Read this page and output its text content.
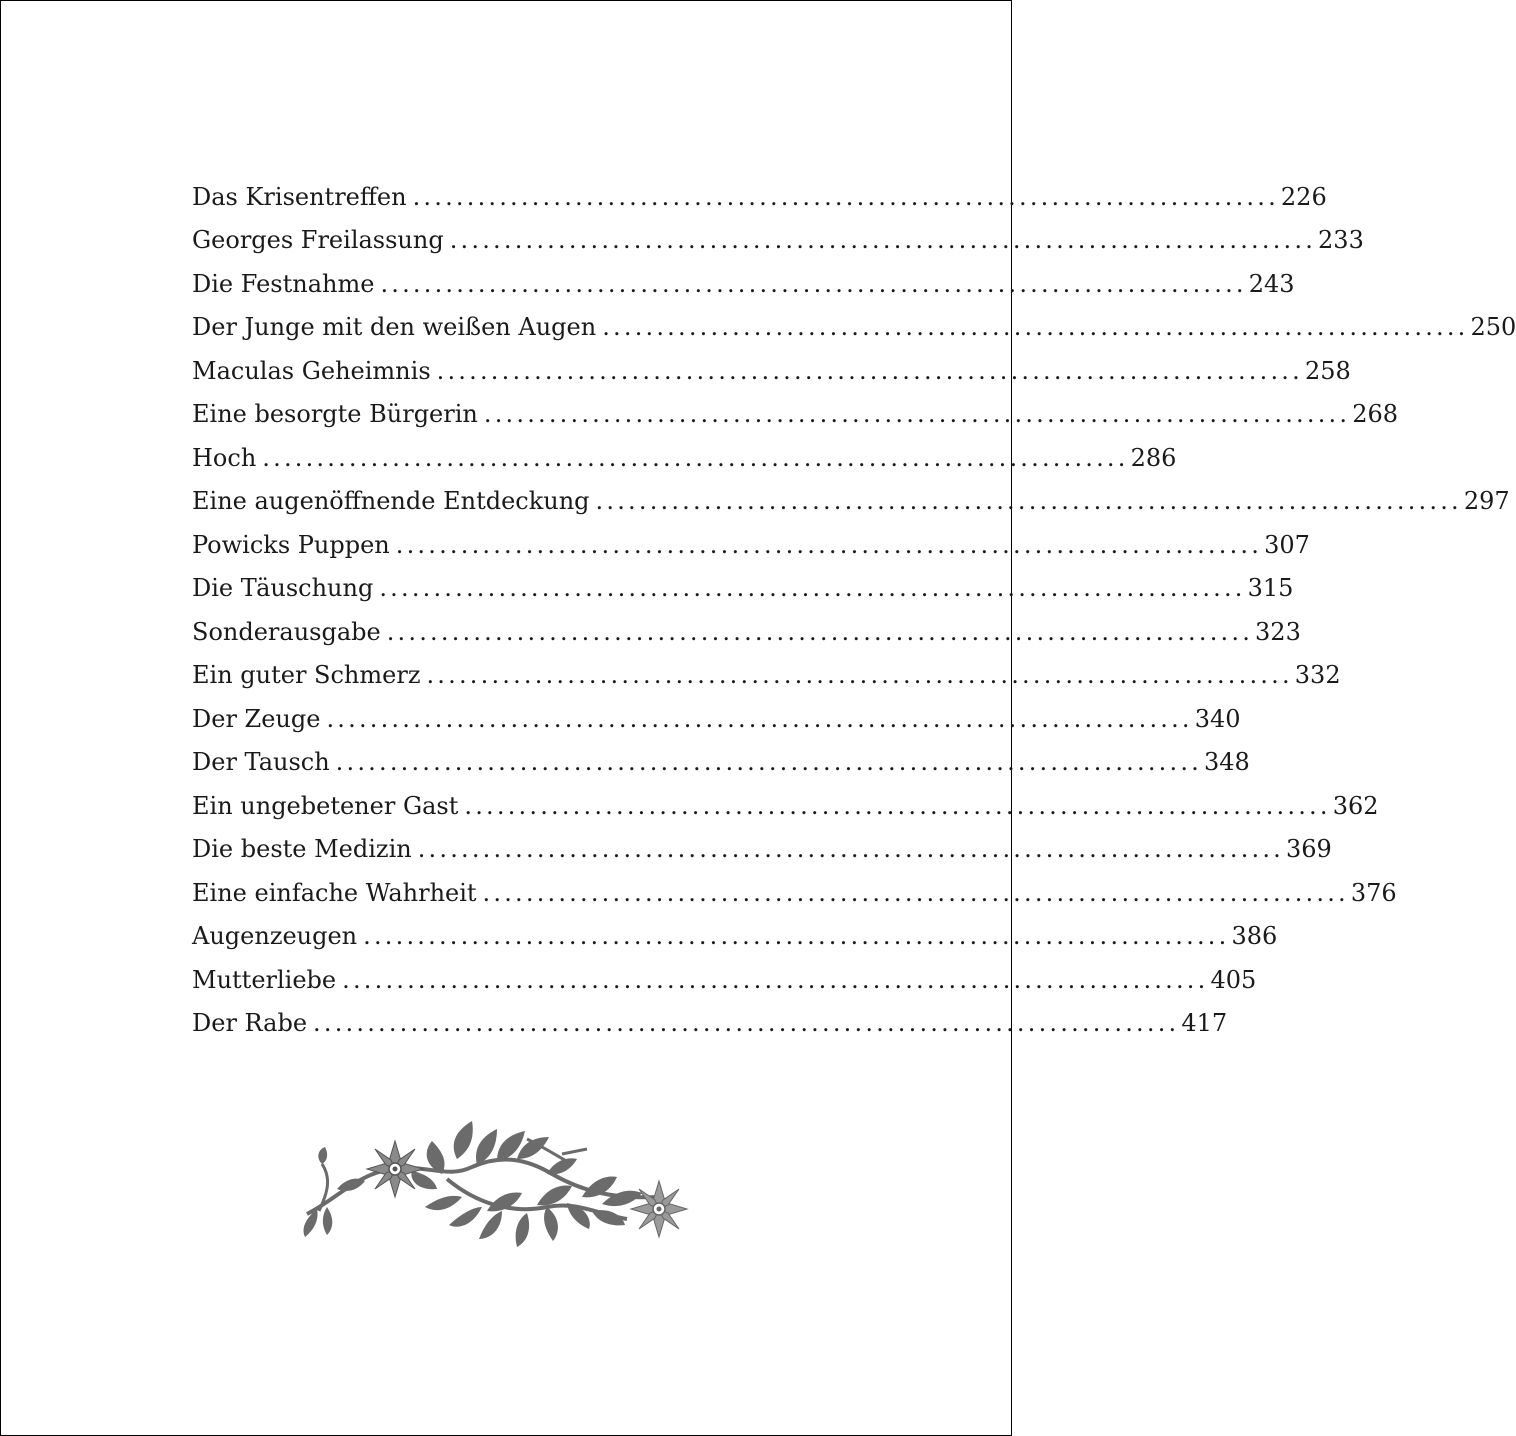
Das Krisentreffen ................................................................................ 226
Georges Freilassung ................................................................................ 233
Die Festnahme ................................................................................ 243
Der Junge mit den weißen Augen ................................................................................ 250
Maculas Geheimnis ................................................................................ 258
Eine besorgte Bürgerin ................................................................................ 268
Hoch ................................................................................ 286
Eine augenöffnende Entdeckung ................................................................................ 297
Powicks Puppen ................................................................................ 307
Die Täuschung ................................................................................ 315
Sonderausgabe ................................................................................ 323
Ein guter Schmerz ................................................................................ 332
Der Zeuge ................................................................................ 340
Der Tausch ................................................................................ 348
Ein ungebetener Gast ................................................................................ 362
Die beste Medizin ................................................................................ 369
Eine einfache Wahrheit ................................................................................ 376
Augenzeugen ................................................................................ 386
Mutterliebe ................................................................................ 405
Der Rabe ................................................................................ 417
